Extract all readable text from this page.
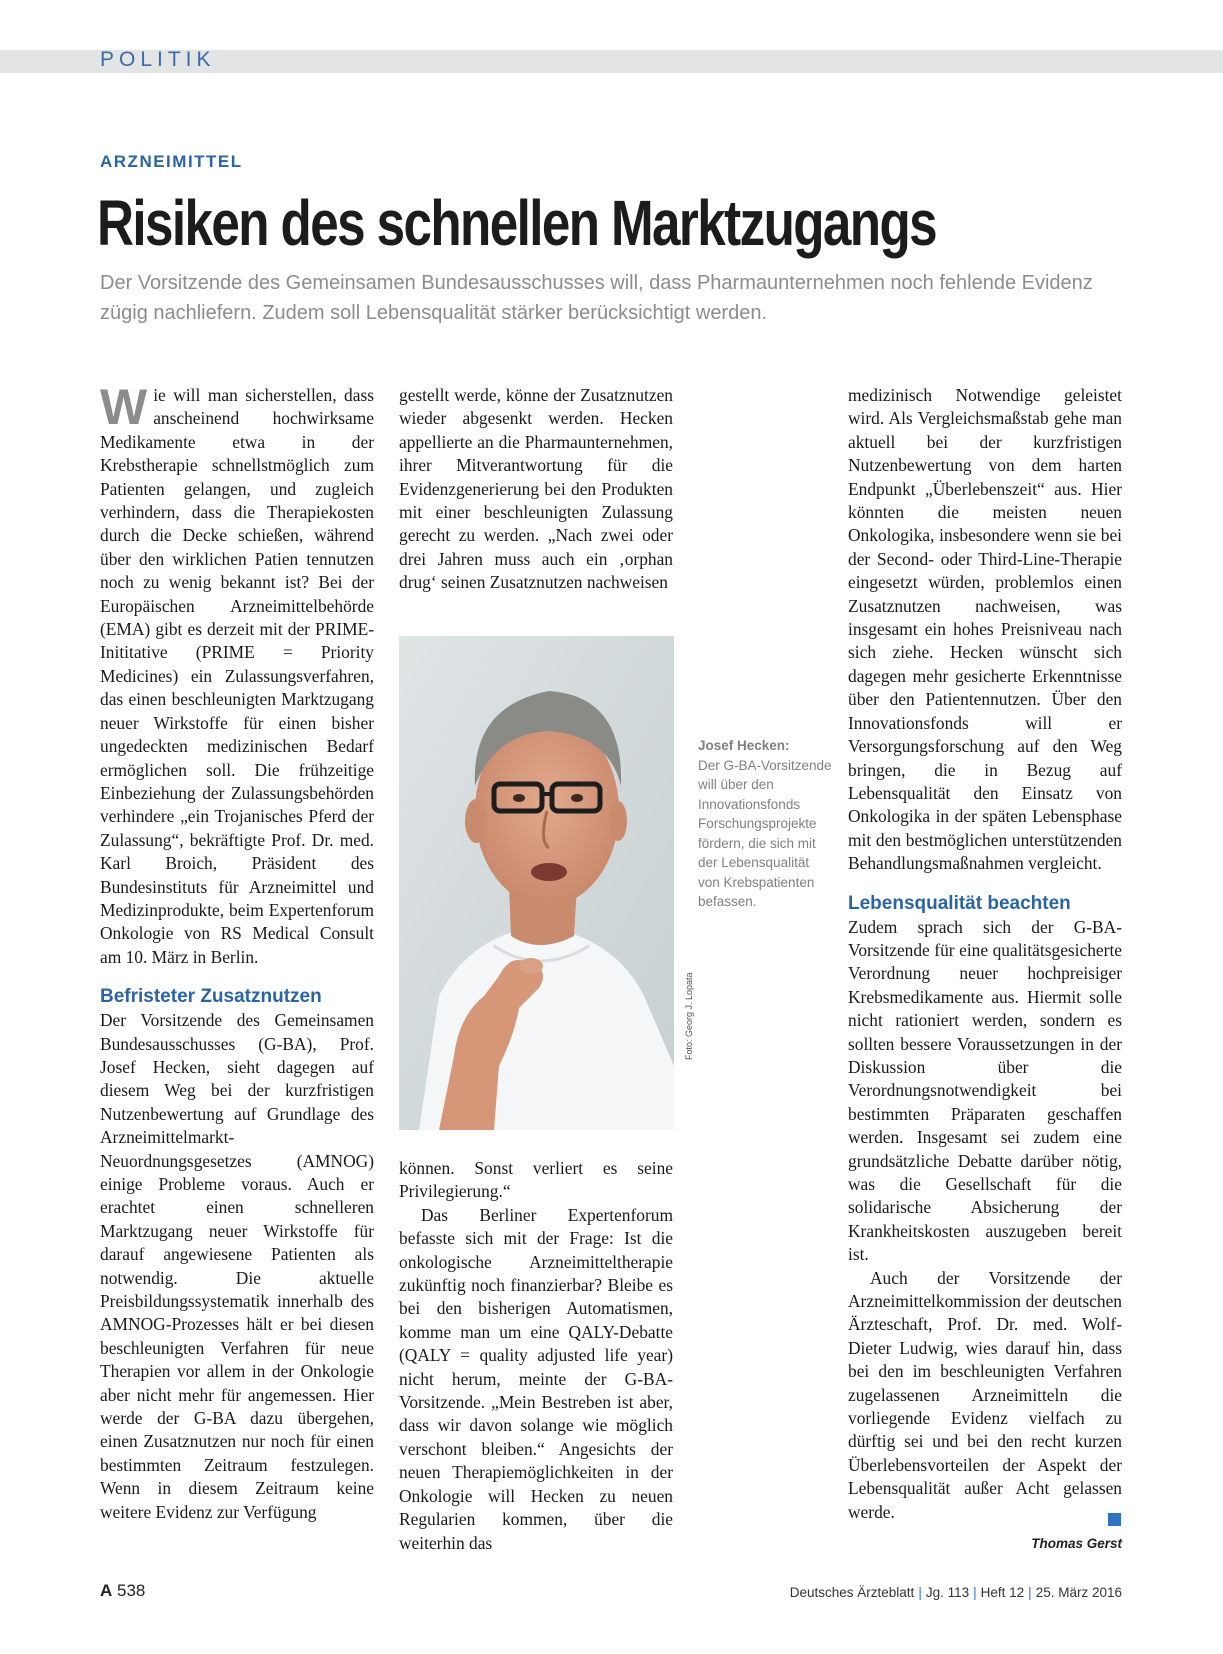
POLITIK
ARZNEIMITTEL
Risiken des schnellen Marktzugangs

Der Vorsitzende des Gemeinsamen Bundesausschusses will, dass Pharmaunternehmen noch fehlende Evidenz zügig nachliefern. Zudem soll Lebensqualität stärker berücksichtigt werden.

Wie will man sicherstellen, dass anscheinend hochwirksame Medikamente etwa in der Krebstherapie schnellstmöglich zum Patienten gelangen, und zugleich verhindern, dass die Therapiekosten durch die Decke schießen, während über den wirklichen Patien tennutzen noch zu wenig bekannt ist? Bei der Europäischen Arzneimittelbehörde (EMA) gibt es derzeit mit der PRIME-Inititative (PRIME = Priority Medicines) ein Zulassungsverfahren, das einen beschleunigten Marktzugang neuer Wirkstoffe für einen bisher ungedeckten medizinischen Bedarf ermöglichen soll. Die frühzeitige Einbeziehung der Zulassungsbehörden verhindere „ein Trojanisches Pferd der Zulassung“, bekräftigte Prof. Dr. med. Karl Broich, Präsident des Bundesinstituts für Arzneimittel und Medizinprodukte, beim Expertenforum Onkologie von RS Medical Consult am 10. März in Berlin.

Befristeter Zusatznutzen

Der Vorsitzende des Gemeinsamen Bundesausschusses (G-BA), Prof. Josef Hecken, sieht dagegen auf diesem Weg bei der kurzfristigen Nutzenbewertung auf Grundlage des Arzneimittelmarkt-Neuordnungsgesetzes (AMNOG) einige Probleme voraus. Auch er erachtet einen schnelleren Marktzugang neuer Wirkstoffe für darauf angewiesene Patienten als notwendig. Die aktuelle Preisbildungssystematik innerhalb des AMNOG-Prozesses hält er bei diesen beschleunigten Verfahren für neue Therapien vor allem in der Onkologie aber nicht mehr für angemessen. Hier werde der G-BA dazu übergehen, einen Zusatznutzen nur noch für einen bestimmten Zeitraum festzulegen. Wenn in diesem Zeitraum keine weitere Evidenz zur Verfügung

gestellt werde, könne der Zusatznutzen wieder abgesenkt werden. Hecken appellierte an die Pharmaunternehmen, ihrer Mitverantwortung für die Evidenzgenerierung bei den Produkten mit einer beschleunigten Zulassung gerecht zu werden. „Nach zwei oder drei Jahren muss auch ein ‚orphan drug‘ seinen Zusatznutzen nachweisen

Foto: Georg J. Lopata
Josef Hecken:
Der G-BA-Vorsitzende will über den Innovationsfonds Forschungsprojekte fördern, die sich mit der Lebensqualität von Krebspatienten befassen.

können. Sonst verliert es seine Privilegierung.“

Das Berliner Expertenforum befasste sich mit der Frage: Ist die onkologische Arzneimitteltherapie zukünftig noch finanzierbar? Bleibe es bei den bisherigen Automatismen, komme man um eine QALY-Debatte (QALY = quality adjusted life year) nicht herum, meinte der G-BA-Vorsitzende. „Mein Bestreben ist aber, dass wir davon solange wie möglich verschont bleiben.“ Angesichts der neuen Therapiemöglichkeiten in der Onkologie will Hecken zu neuen Regularien kommen, über die weiterhin das

medizinisch Notwendige geleistet wird. Als Vergleichsmaßstab gehe man aktuell bei der kurzfristigen Nutzenbewertung von dem harten Endpunkt „Überlebenszeit“ aus. Hier könnten die meisten neuen Onkologika, insbesondere wenn sie bei der Second- oder Third-Line-Therapie eingesetzt würden, problemlos einen Zusatznutzen nachweisen, was insgesamt ein hohes Preisniveau nach sich ziehe. Hecken wünscht sich dagegen mehr gesicherte Erkenntnisse über den Patientennutzen. Über den Innovationsfonds will er Versorgungsforschung auf den Weg bringen, die in Bezug auf Lebensqualität den Einsatz von Onkologika in der späten Lebensphase mit den bestmöglichen unterstützenden Behandlungsmaßnahmen vergleicht.

Lebensqualität beachten

Zudem sprach sich der G-BA-Vorsitzende für eine qualitätsgesicherte Verordnung neuer hochpreisiger Krebsmedikamente aus. Hiermit solle nicht rationiert werden, sondern es sollten bessere Voraussetzungen in der Diskussion über die Verordnungsnotwendigkeit bei bestimmten Präparaten geschaffen werden. Insgesamt sei zudem eine grundsätzliche Debatte darüber nötig, was die Gesellschaft für die solidarische Absicherung der Krankheitskosten auszugeben bereit ist.

Auch der Vorsitzende der Arzneimittelkommission der deutschen Ärzteschaft, Prof. Dr. med. Wolf-Dieter Ludwig, wies darauf hin, dass bei den im beschleunigten Verfahren zugelassenen Arzneimitteln die vorliegende Evidenz vielfach zu dürftig sei und bei den recht kurzen Überlebensvorteilen der Aspekt der Lebensqualität außer Acht gelassen werde.

Thomas Gerst
A 538	Deutsches Ärzteblatt | Jg. 113 | Heft 12 | 25. März 2016
